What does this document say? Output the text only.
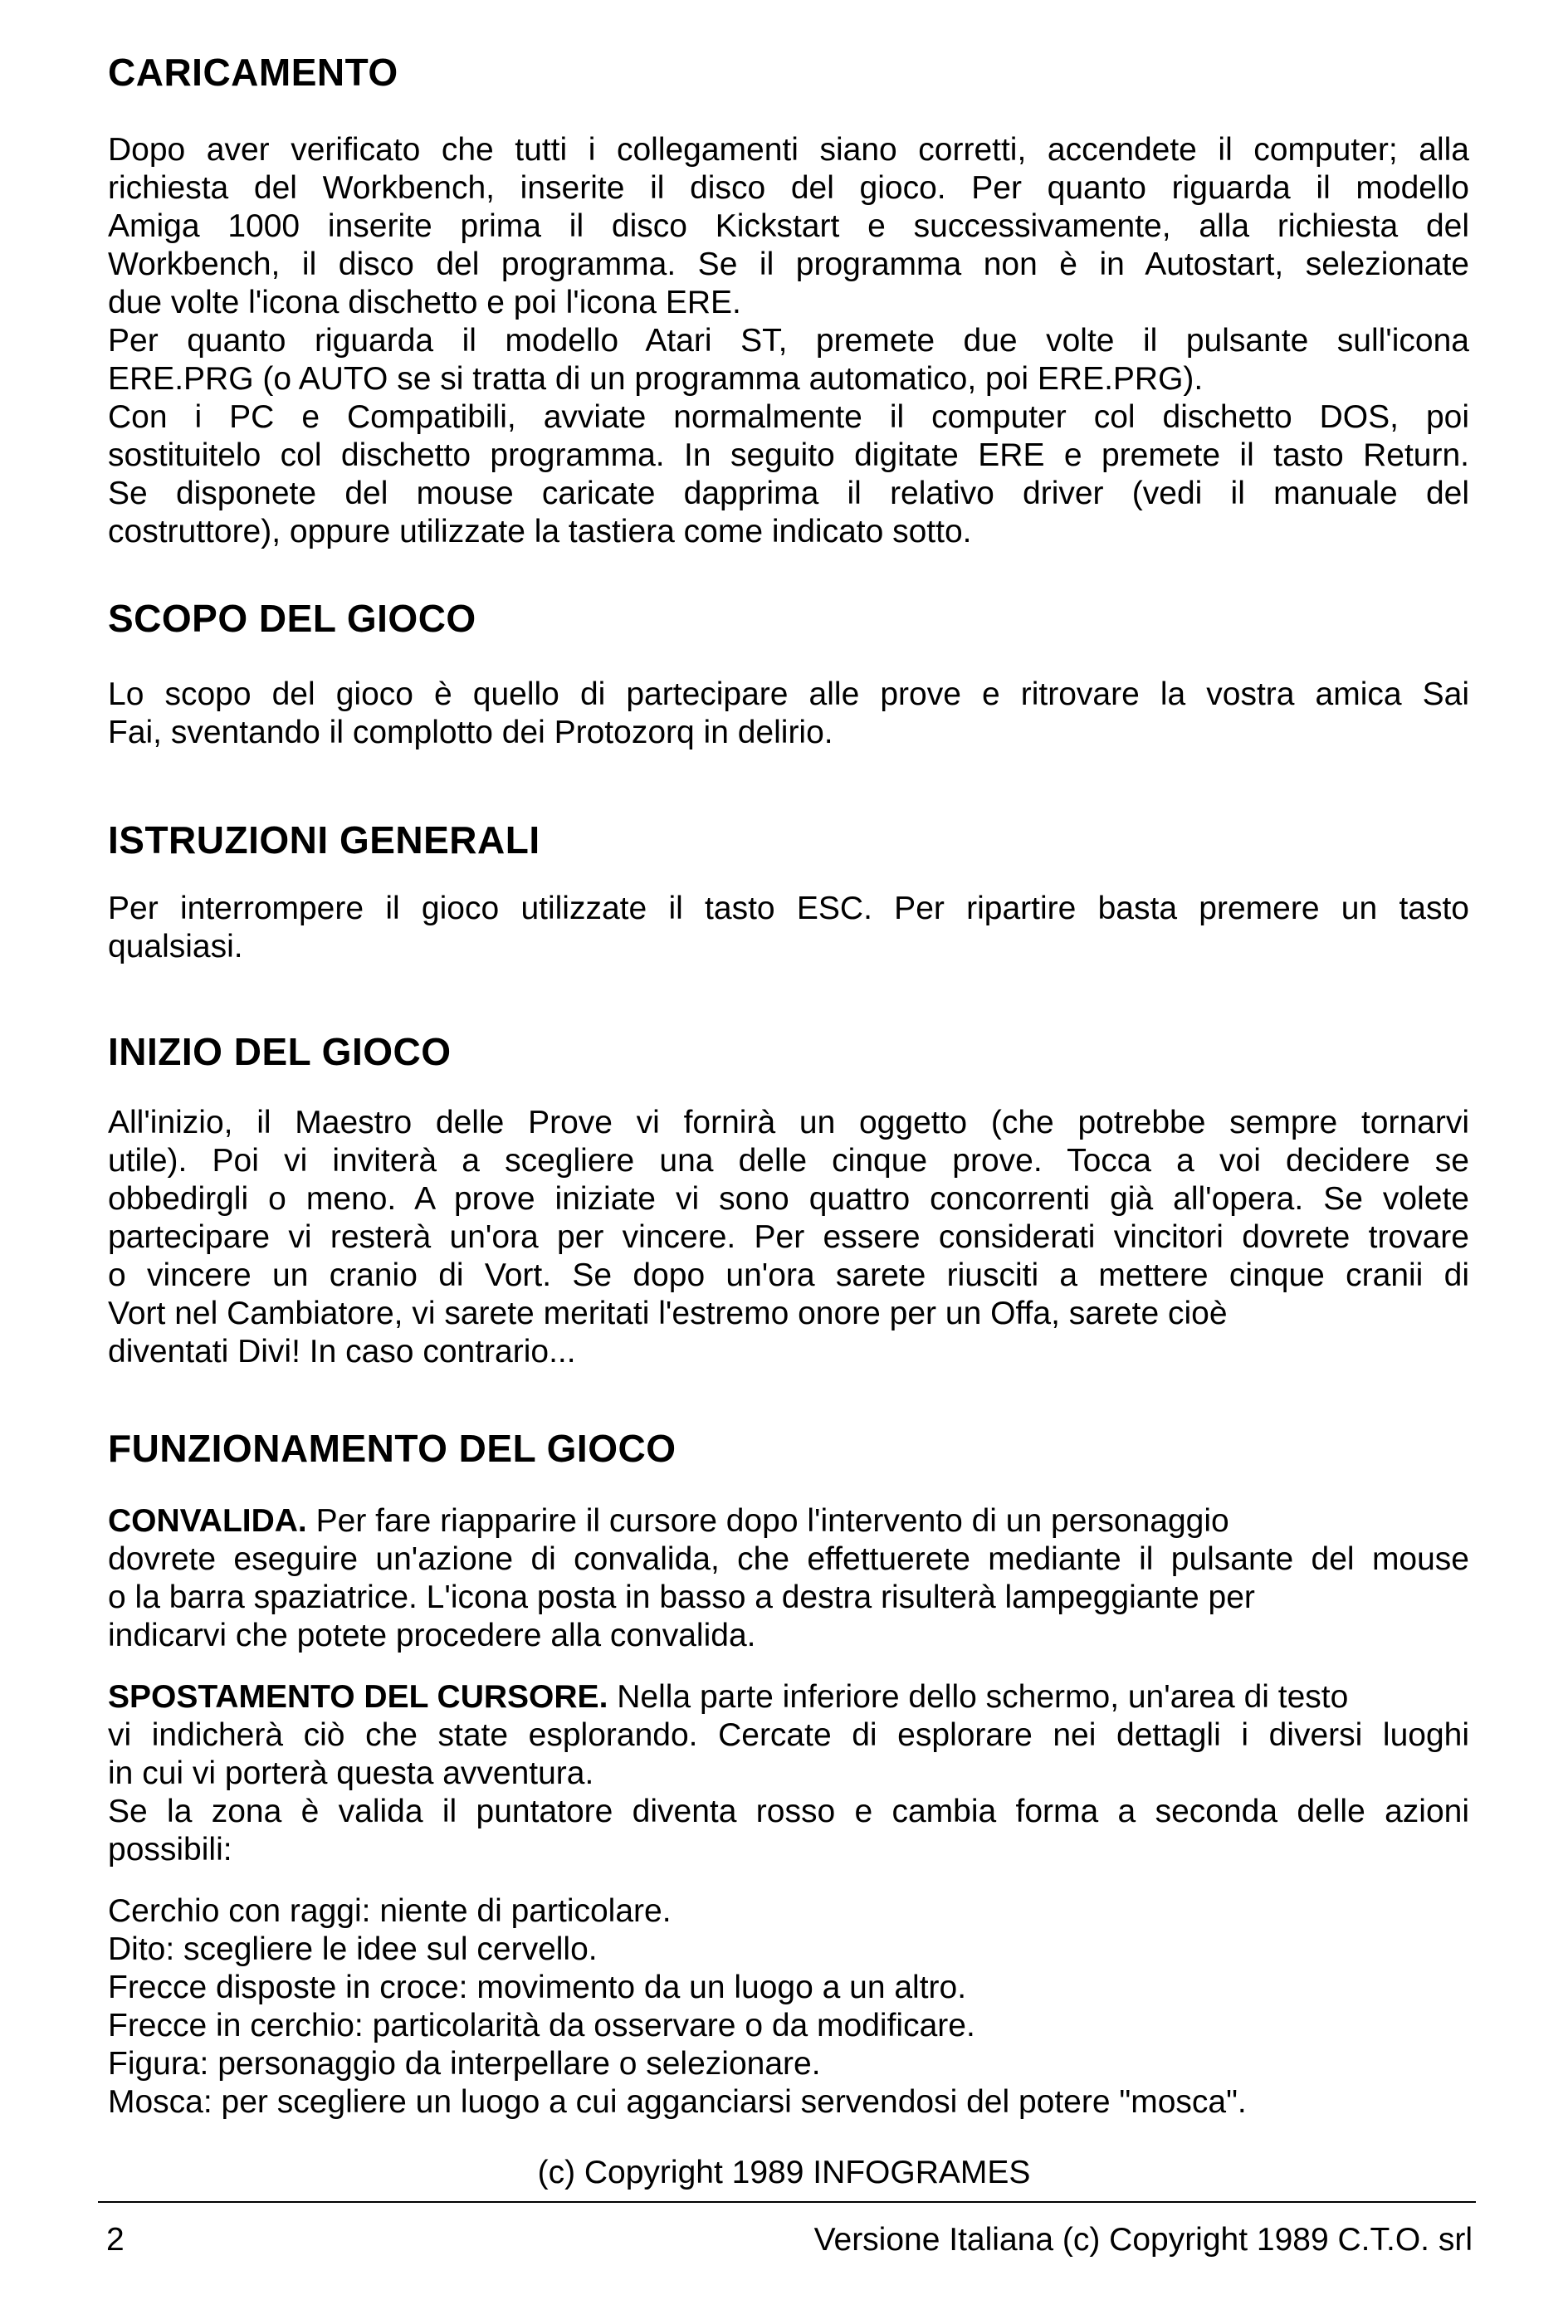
CARICAMENTO
Dopo aver verificato che tutti i collegamenti siano corretti, accendete il computer; alla
richiesta del Workbench, inserite il disco del gioco. Per quanto riguarda il modello
Amiga 1000 inserite prima il disco Kickstart e successivamente, alla richiesta del
Workbench, il disco del programma. Se il programma non è in Autostart, selezionate
due volte l'icona dischetto e poi l'icona ERE.
Per quanto riguarda il modello Atari ST, premete due volte il pulsante sull'icona
ERE.PRG (o AUTO se si tratta di un programma automatico, poi ERE.PRG).
Con i PC e Compatibili, avviate normalmente il computer col dischetto DOS, poi
sostituitelo col dischetto programma. In seguito digitate ERE e premete il tasto Return.
Se disponete del mouse caricate dapprima il relativo driver (vedi il manuale del
costruttore), oppure utilizzate la tastiera come indicato sotto.
SCOPO DEL GIOCO
Lo scopo del gioco è quello di partecipare alle prove e ritrovare la vostra amica Sai
Fai, sventando il complotto dei Protozorq in delirio.
ISTRUZIONI GENERALI
Per interrompere il gioco utilizzate il tasto ESC. Per ripartire basta premere un tasto
qualsiasi.
INIZIO DEL GIOCO
All'inizio, il Maestro delle Prove vi fornirà un oggetto (che potrebbe sempre tornarvi
utile). Poi vi inviterà a scegliere una delle cinque prove. Tocca a voi decidere se
obbedirgli o meno. A prove iniziate vi sono quattro concorrenti già all'opera. Se volete
partecipare vi resterà un'ora per vincere. Per essere considerati vincitori dovrete trovare
o vincere un cranio di Vort. Se dopo un'ora sarete riusciti a mettere cinque cranii di
Vort nel Cambiatore, vi sarete meritati l'estremo onore per un Offa, sarete cioè
diventati Divi! In caso contrario...
FUNZIONAMENTO DEL GIOCO
CONVALIDA. Per fare riapparire il cursore dopo l'intervento di un personaggio
dovrete eseguire un'azione di convalida, che effettuerete mediante il pulsante del mouse
o la barra spaziatrice. L'icona posta in basso a destra risulterà lampeggiante per
indicarvi che potete procedere alla convalida.
SPOSTAMENTO DEL CURSORE. Nella parte inferiore dello schermo, un'area di testo
vi indicherà ciò che state esplorando. Cercate di esplorare nei dettagli i diversi luoghi
in cui vi porterà questa avventura.
Se la zona è valida il puntatore diventa rosso e cambia forma a seconda delle azioni
possibili:
Cerchio con raggi: niente di particolare.
Dito: scegliere le idee sul cervello.
Frecce disposte in croce: movimento da un luogo a un altro.
Frecce in cerchio: particolarità da osservare o da modificare.
Figura: personaggio da interpellare o selezionare.
Mosca: per scegliere un luogo a cui agganciarsi servendosi del potere "mosca".
(c) Copyright 1989 INFOGRAMES
2	Versione Italiana (c) Copyright 1989 C.T.O. srl
